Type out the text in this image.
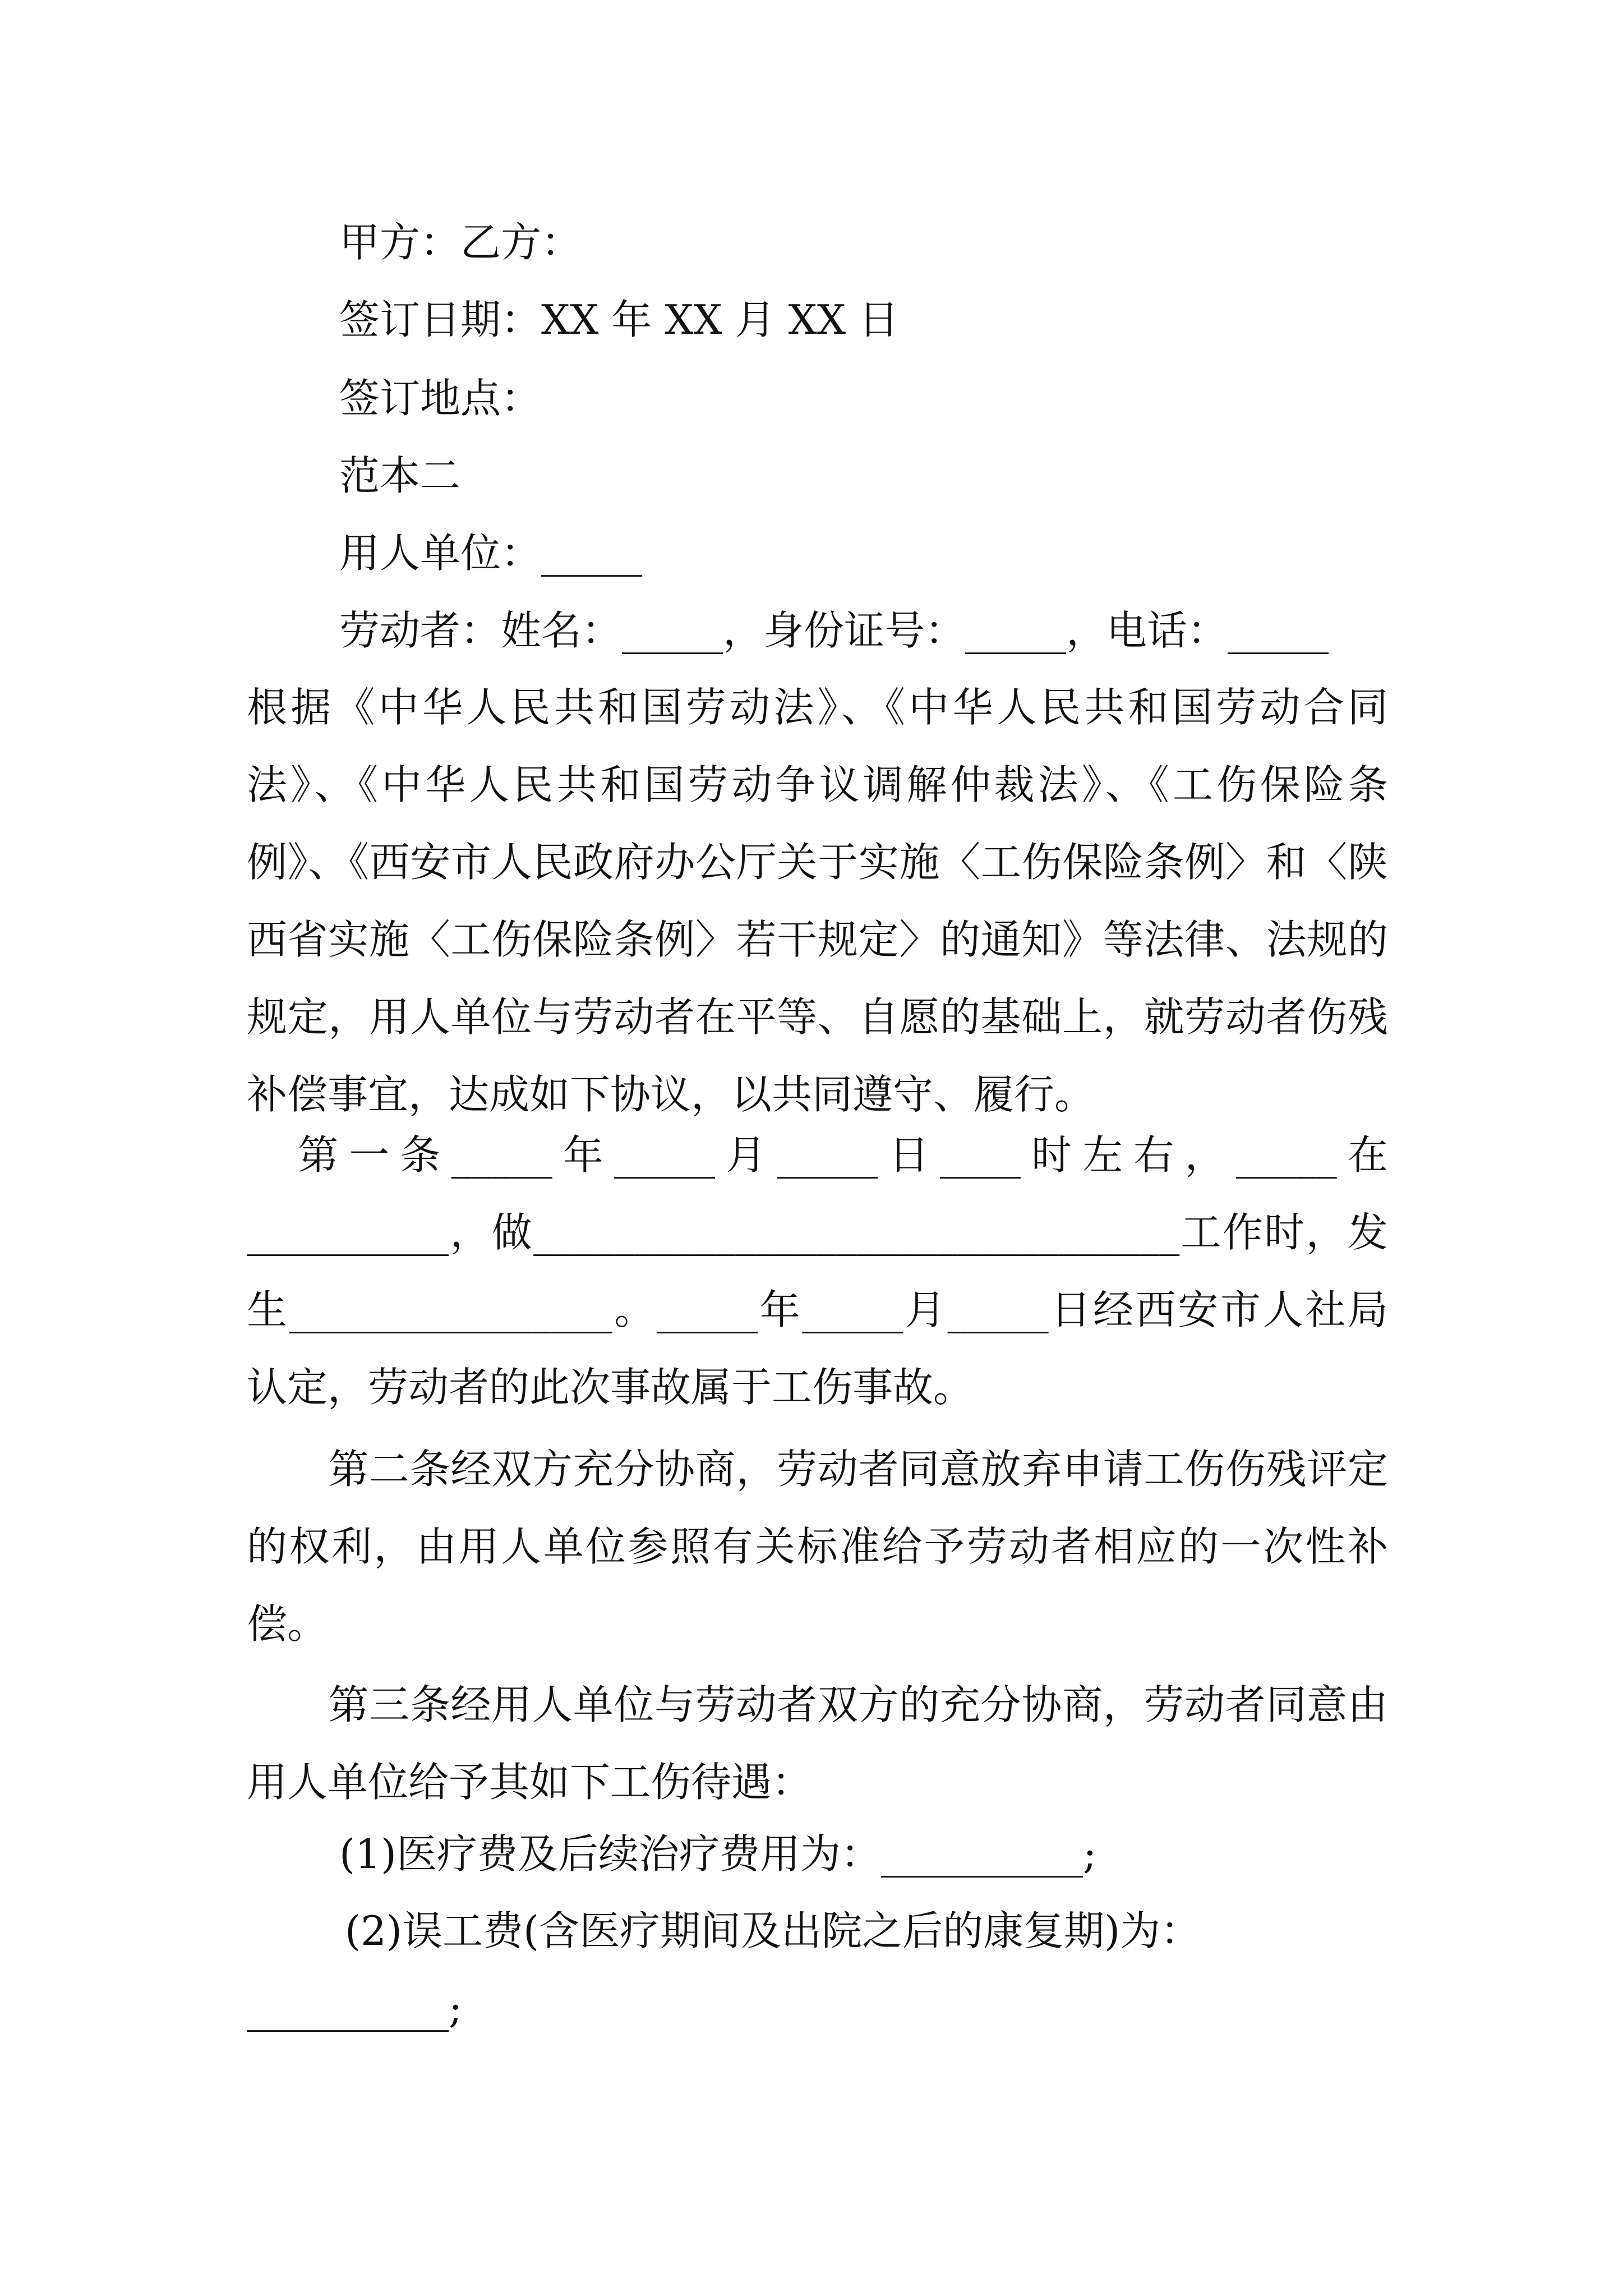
甲方：乙方：
签订日期：XX 年 XX 月 XX 日
签订地点：
范本二
用人单位：_____
劳动者：姓名：_____，身份证号：_____，电话：_____
根据《中华人民共和国劳动法》、《中华人民共和国劳动合同法》、《中华人民共和国劳动争议调解仲裁法》、《工伤保险条例》、《西安市人民政府办公厅关于实施〈工伤保险条例〉和〈陕西省实施〈工伤保险条例〉若干规定〉的通知》等法律、法规的规定，用人单位与劳动者在平等、自愿的基础上，就劳动者伤残补偿事宜，达成如下协议，以共同遵守、履行。
　第一条_____年_____月_____日____时左右，_____在__________，做________________________________工作时，发生________________。_____年_____月_____日经西安市人社局认定，劳动者的此次事故属于工伤事故。
　　第二条经双方充分协商，劳动者同意放弃申请工伤伤残评定的权利，由用人单位参照有关标准给予劳动者相应的一次性补偿。
　　第三条经用人单位与劳动者双方的充分协商，劳动者同意由用人单位给予其如下工伤待遇：
(1)医疗费及后续治疗费用为：__________;
(2)误工费(含医疗期间及出院之后的康复期)为：
__________;
